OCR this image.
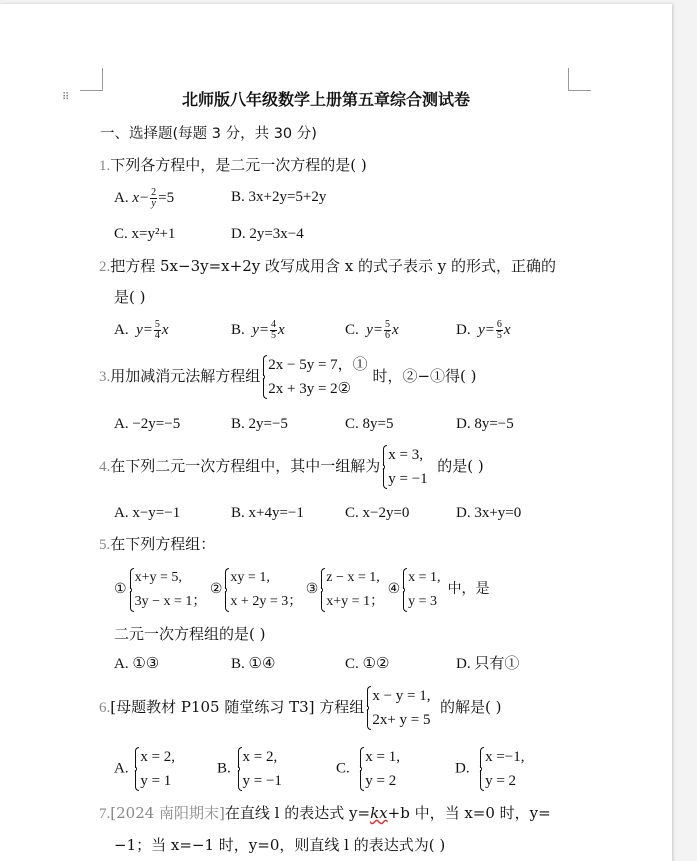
⠿	北师版八年级数学上册第五章综合测试卷
一、选择题(每题 3 分，共 30 分)
1.下列各方程中，是二元一次方程的是( )
A. $x- \frac{2}{y} =5$	B. 3x+2y=5+2y
C. x=y²+1	D. 2y=3x−4
2.把方程 5x−3y=x+2y 改写成用含 x 的式子表示 y 的形式，正确的
是( )
A. $y= \frac{5}{4}$ x	B. $y= \frac{4}{5}$ x	C. $y= \frac{5}{6}$ x	D. $y= \frac{6}{5}$ x
3.用加减消元法解方程组
2x − 5y = 7，①
2x + 3y = 2②
时，②−①得( )
A. −2y=−5	B. 2y=−5	C. 8y=5	D. 8y=−5
4.在下列二元一次方程组中，其中一组解为
x = 3,
y = −1
的是( )
A. x−y=−1	B. x+4y=−1	C. x−2y=0	D. 3x+y=0
5.在下列方程组：
①
x+y = 5,
3y − x = 1；
②
xy = 1,
x + 2y = 3；
③
z − x = 1,
x+y = 1；
④
x = 1,
y = 3
中，是
二元一次方程组的是( )
A. ①③	B. ①④	C. ①②	D. 只有①
6.[母题教材 P105 随堂练习 T3] 方程组
x − y = 1,
2x+ y = 5
的解是( )
A.
x = 2,
y = 1
B.
x = 2,
y = −1
C.
x = 1,
y = 2
D.
x =−1,
y = 2
7.[2024 南阳期末]在直线 l 的表达式 y=kx+b 中，当 x=0 时，y=
−1；当 x=−1 时，y=0，则直线 l 的表达式为( )
